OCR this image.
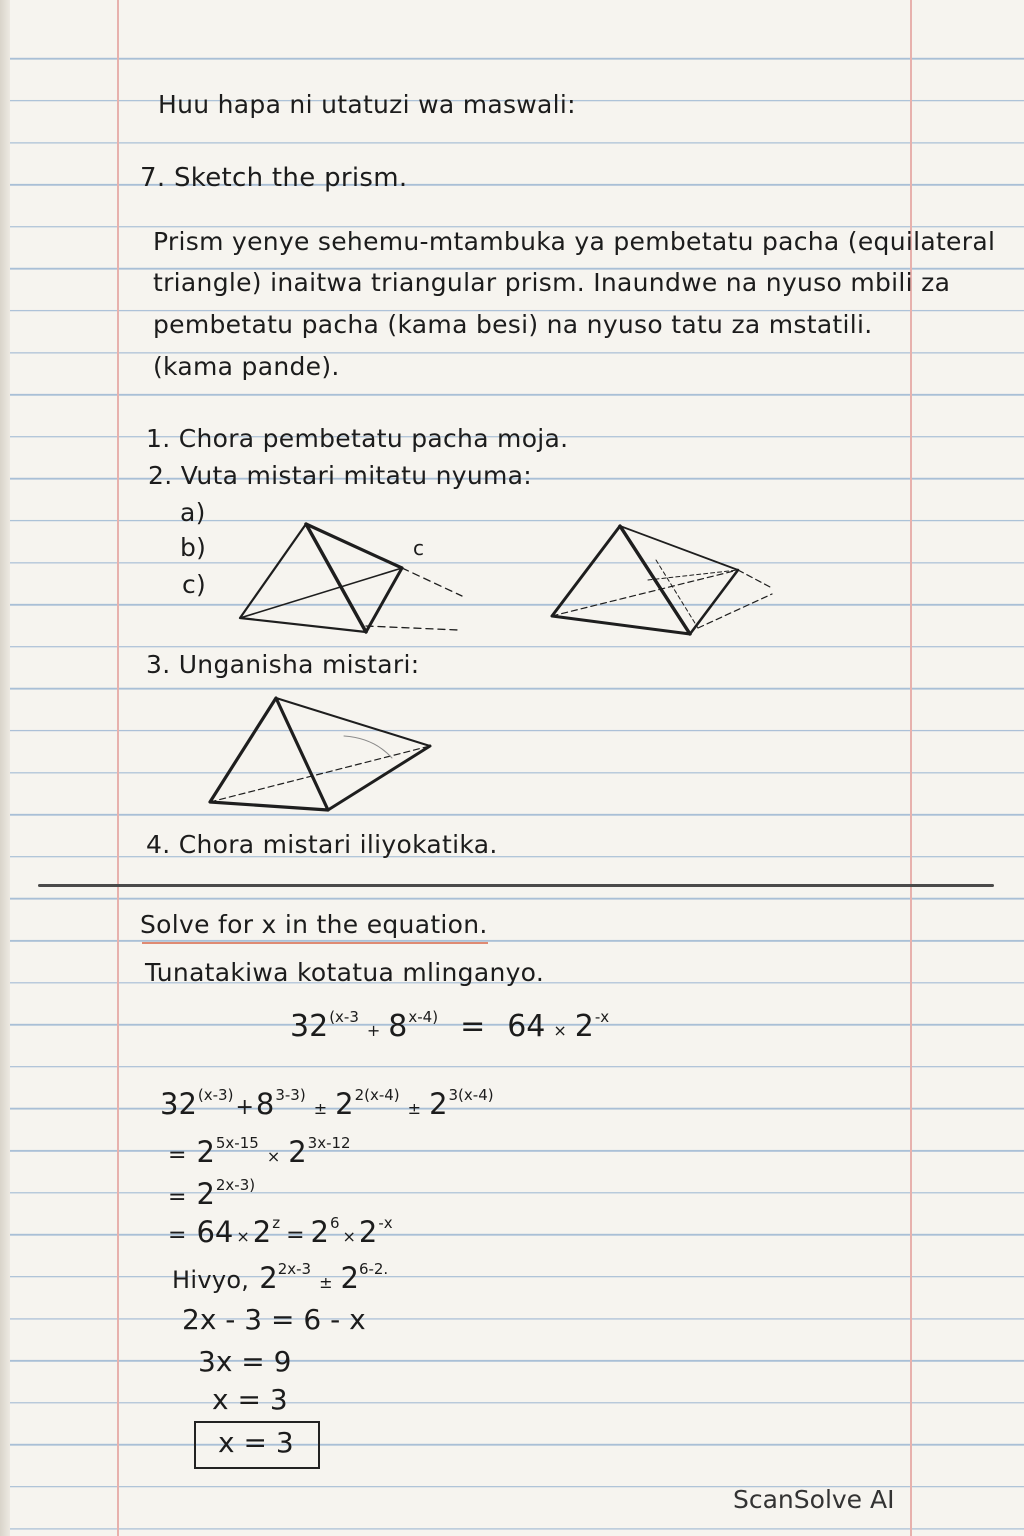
Huu hapa ni utatuzi wa maswali:
7. Sketch the prism.
Prism yenye sehemu-mtambuka ya pembetatu pacha (equilateral
triangle) inaitwa triangular prism. Inaundwe na nyuso mbili za
pembetatu pacha (kama besi) na nyuso tatu za mstatili.
(kama pande).
1. Chora pembetatu pacha moja.
2. Vuta mistari mitatu nyuma:
a)
b)
c)
c
3. Unganisha mistari:
4. Chora mistari iliyokatika.
Solve for x in the equation.
Tunatakiwa kotatua mlinganyo.
$32^{(x-3}+ 8^{x-4)} = 64 \times 2^{-x}$
$32^{(x-3)}+8^{3-3)}\pm 2^{2(x-4)}\pm 2^{3(x-4)}$
= $2^{5x-15}\times 2^{3x-12}$
= $2^{2x-3)}$
= $64 \times 2^z = 2^6\times 2^{-x}$
Hivyo, $2^{2x-3}\pm 2^{6-2.}$
2x - 3 = 6 - x
3x = 9
x = 3
x = 3
ScanSolve AI
